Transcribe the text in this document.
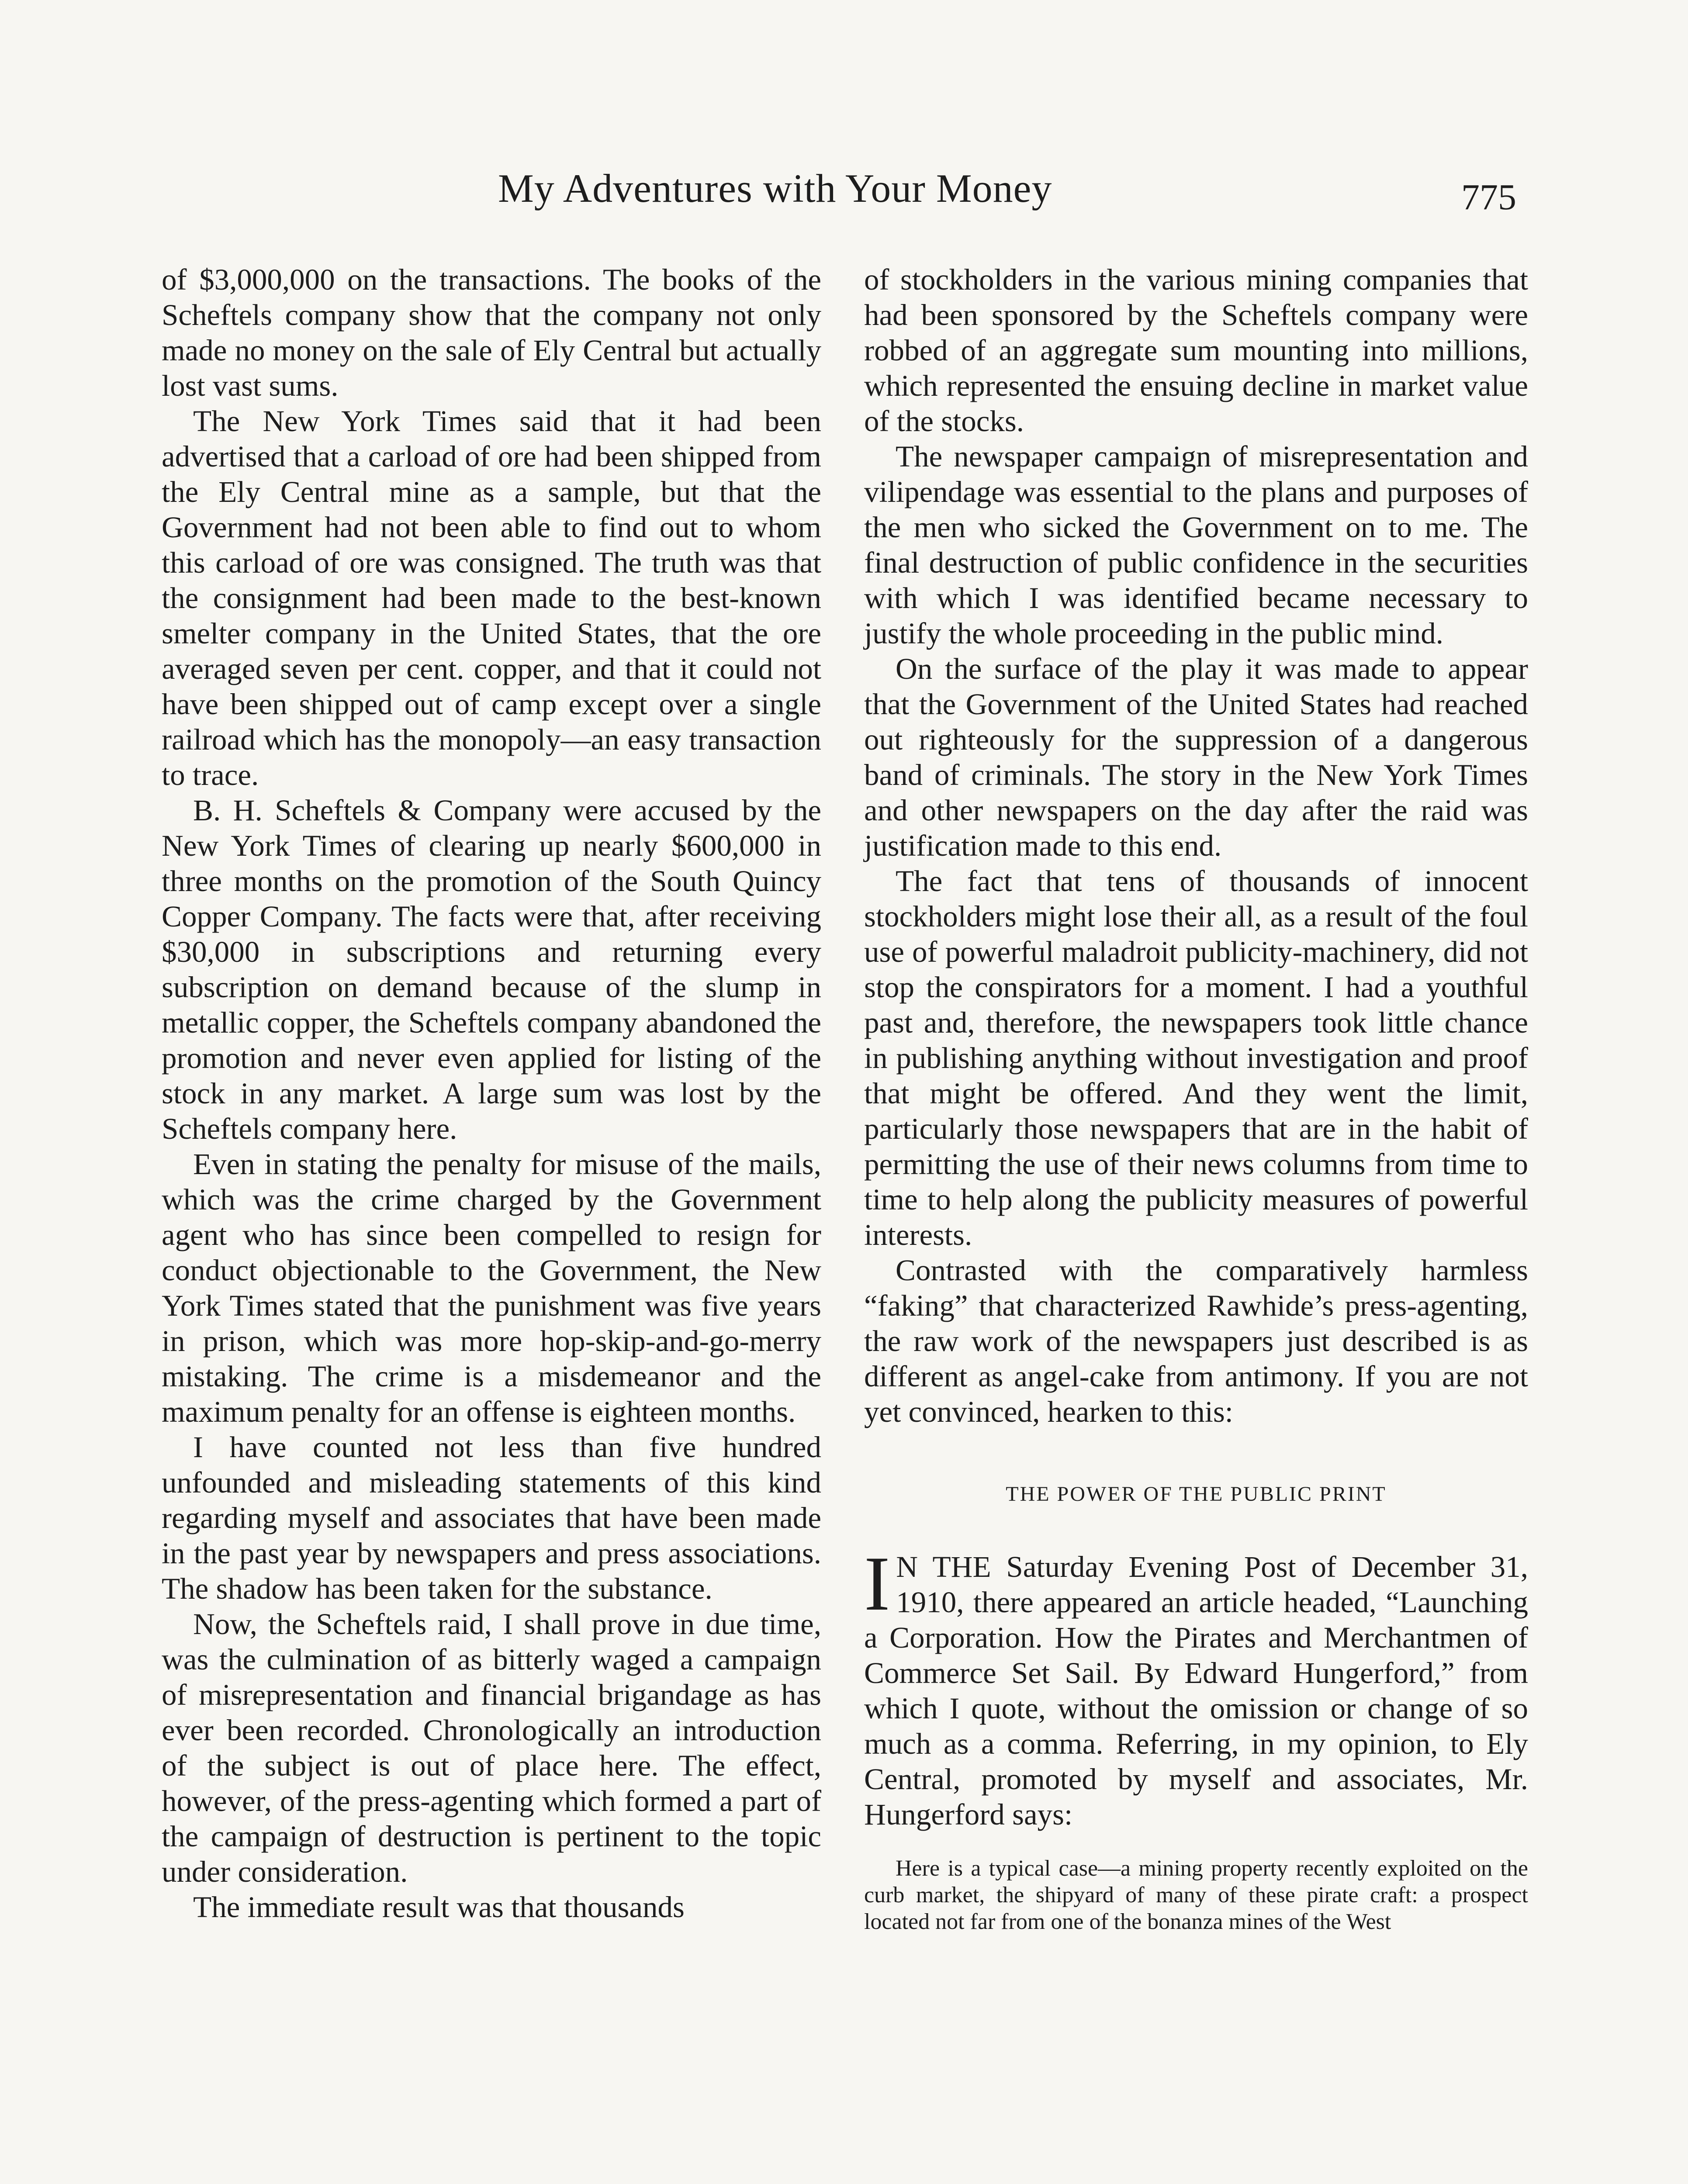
My Adventures with Your Money	775

of $3,000,000 on the transactions. The books of the Scheftels company show that the company not only made no money on the sale of Ely Central but actually lost vast sums.

The New York Times said that it had been advertised that a carload of ore had been shipped from the Ely Central mine as a sample, but that the Government had not been able to find out to whom this carload of ore was consigned. The truth was that the consignment had been made to the best-known smelter company in the United States, that the ore averaged seven per cent. copper, and that it could not have been shipped out of camp except over a single railroad which has the monopoly—an easy transaction to trace.

B. H. Scheftels & Company were accused by the New York Times of clearing up nearly $600,000 in three months on the promotion of the South Quincy Copper Company. The facts were that, after receiving $30,000 in subscriptions and returning every subscription on demand because of the slump in metallic copper, the Scheftels company abandoned the promotion and never even applied for listing of the stock in any market. A large sum was lost by the Scheftels company here.

Even in stating the penalty for misuse of the mails, which was the crime charged by the Government agent who has since been compelled to resign for conduct objectionable to the Government, the New York Times stated that the punishment was five years in prison, which was more hop-skip-and-go-merry mistaking. The crime is a misdemeanor and the maximum penalty for an offense is eighteen months.

I have counted not less than five hundred unfounded and misleading statements of this kind regarding myself and associates that have been made in the past year by newspapers and press associations. The shadow has been taken for the substance.

Now, the Scheftels raid, I shall prove in due time, was the culmination of as bitterly waged a campaign of misrepresentation and financial brigandage as has ever been recorded. Chronologically an introduction of the subject is out of place here. The effect, however, of the press-agenting which formed a part of the campaign of destruction is pertinent to the topic under consideration.

The immediate result was that thousands

of stockholders in the various mining companies that had been sponsored by the Scheftels company were robbed of an aggregate sum mounting into millions, which represented the ensuing decline in market value of the stocks.

The newspaper campaign of misrepresentation and vilipendage was essential to the plans and purposes of the men who sicked the Government on to me. The final destruction of public confidence in the securities with which I was identified became necessary to justify the whole proceeding in the public mind.

On the surface of the play it was made to appear that the Government of the United States had reached out righteously for the suppression of a dangerous band of criminals. The story in the New York Times and other newspapers on the day after the raid was justification made to this end.

The fact that tens of thousands of innocent stockholders might lose their all, as a result of the foul use of powerful maladroit publicity-machinery, did not stop the conspirators for a moment. I had a youthful past and, therefore, the newspapers took little chance in publishing anything without investigation and proof that might be offered. And they went the limit, particularly those newspapers that are in the habit of permitting the use of their news columns from time to time to help along the publicity measures of powerful interests.

Contrasted with the comparatively harmless “faking” that characterized Rawhide’s press-agenting, the raw work of the newspapers just described is as different as angel-cake from antimony. If you are not yet convinced, hearken to this:

THE POWER OF THE PUBLIC PRINT

I N THE Saturday Evening Post of December 31, 1910, there appeared an article headed, “Launching a Corporation. How the Pirates and Merchantmen of Commerce Set Sail. By Edward Hungerford,” from which I quote, without the omission or change of so much as a comma. Referring, in my opinion, to Ely Central, promoted by myself and associates, Mr. Hungerford says:

Here is a typical case—a mining property recently exploited on the curb market, the shipyard of many of these pirate craft: a prospect located not far from one of the bonanza mines of the West
